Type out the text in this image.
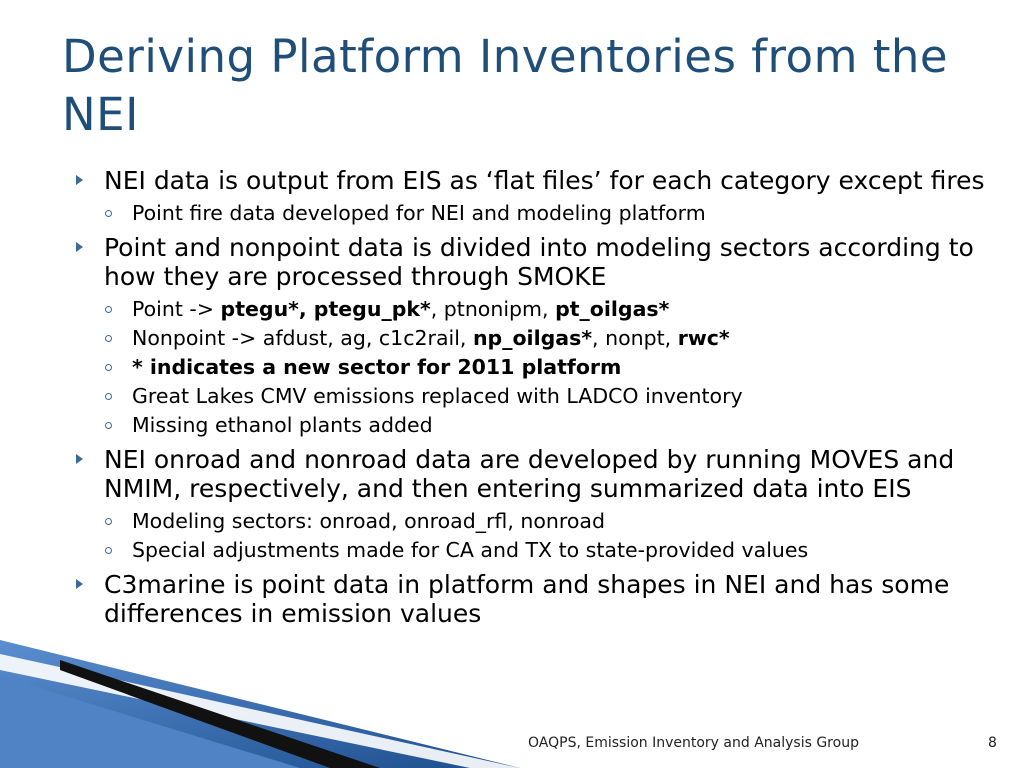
Deriving Platform Inventories from the NEI
NEI data is output from EIS as ‘flat files’ for each category except fires
Point fire data developed for NEI and modeling platform
Point and nonpoint data is divided into modeling sectors according to how they are processed through SMOKE
Point -> ptegu*, ptegu_pk*, ptnonipm, pt_oilgas*
Nonpoint -> afdust, ag, c1c2rail, np_oilgas*, nonpt, rwc*
* indicates a new sector for 2011 platform
Great Lakes CMV emissions replaced with LADCO inventory
Missing ethanol plants added
NEI onroad and nonroad data are developed by running MOVES and NMIM, respectively, and then entering summarized data into EIS
Modeling sectors: onroad, onroad_rfl, nonroad
Special adjustments made for CA and TX to state-provided values
C3marine is point data in platform and shapes in NEI and has some differences in emission values
OAQPS, Emission Inventory and Analysis Group	8
